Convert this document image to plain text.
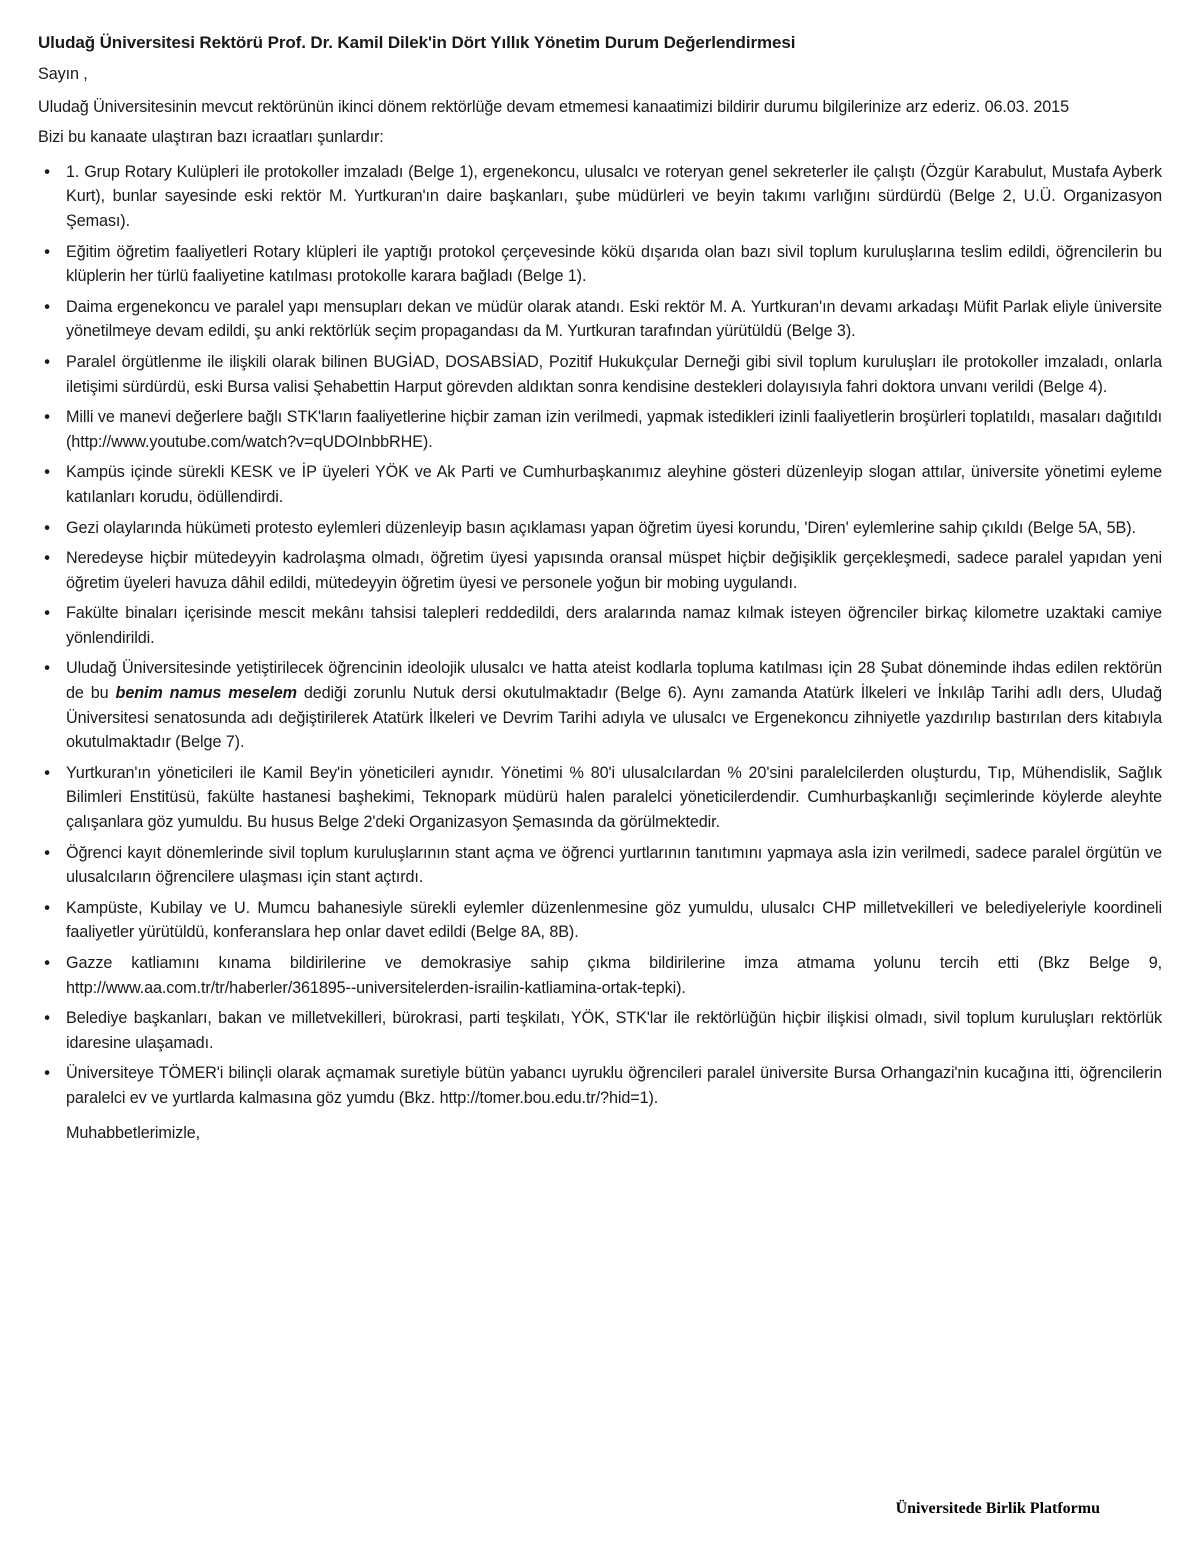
Uludağ Üniversitesi Rektörü Prof. Dr. Kamil Dilek'in Dört Yıllık Yönetim Durum Değerlendirmesi
Sayın ,
Uludağ Üniversitesinin mevcut rektörünün ikinci dönem rektörlüğe devam etmemesi kanaatimizi bildirir durumu bilgilerinize arz ederiz. 06.03. 2015
Bizi bu kanaate ulaştıran bazı icraatları şunlardır:
•	1. Grup Rotary Kulüpleri ile protokoller imzaladı (Belge 1), ergenekoncu, ulusalcı ve roteryan genel sekreterler ile çalıştı (Özgür Karabulut, Mustafa Ayberk Kurt), bunlar sayesinde eski rektör M. Yurtkuran'ın daire başkanları, şube müdürleri ve beyin takımı varlığını sürdürdü (Belge 2, U.Ü. Organizasyon Şeması).
•	Eğitim öğretim faaliyetleri Rotary klüpleri ile yaptığı protokol çerçevesinde kökü dışarıda olan bazı sivil toplum kuruluşlarına teslim edildi, öğrencilerin bu klüplerin her türlü faaliyetine katılması protokolle karara bağladı (Belge 1).
•	Daima ergenekoncu ve paralel yapı mensupları dekan ve müdür olarak atandı. Eski rektör M. A. Yurtkuran'ın devamı arkadaşı Müfit Parlak eliyle üniversite yönetilmeye devam edildi, şu anki rektörlük seçim propagandası da M. Yurtkuran tarafından yürütüldü (Belge 3).
•	Paralel örgütlenme ile ilişkili olarak bilinen BUGİAD, DOSABSİAD, Pozitif Hukukçular Derneği gibi sivil toplum kuruluşları ile protokoller imzaladı, onlarla iletişimi sürdürdü, eski Bursa valisi Şehabettin Harput görevden aldıktan sonra kendisine destekleri dolayısıyla fahri doktora unvanı verildi (Belge 4).
•	Milli ve manevi değerlere bağlı STK'ların faaliyetlerine hiçbir zaman izin verilmedi, yapmak istedikleri izinli faaliyetlerin broşürleri toplatıldı, masaları dağıtıldı (http://www.youtube.com/watch?v=qUDOInbbRHE).
•	Kampüs içinde sürekli KESK ve İP üyeleri YÖK ve Ak Parti ve Cumhurbaşkanımız aleyhine gösteri düzenleyip slogan attılar, üniversite yönetimi eyleme katılanları korudu, ödüllendirdi.
•	Gezi olaylarında hükümeti protesto eylemleri düzenleyip basın açıklaması yapan öğretim üyesi korundu, 'Diren' eylemlerine sahip çıkıldı (Belge 5A, 5B).
•	Neredeyse hiçbir mütedeyyin kadrolaşma olmadı, öğretim üyesi yapısında oransal müspet hiçbir değişiklik gerçekleşmedi, sadece paralel yapıdan yeni öğretim üyeleri havuza dâhil edildi, mütedeyyin öğretim üyesi ve personele yoğun bir mobing uygulandı.
•	Fakülte binaları içerisinde mescit mekânı tahsisi talepleri reddedildi, ders aralarında namaz kılmak isteyen öğrenciler birkaç kilometre uzaktaki camiye yönlendirildi.
•	Uludağ Üniversitesinde yetiştirilecek öğrencinin ideolojik ulusalcı ve hatta ateist kodlarla topluma katılması için 28 Şubat döneminde ihdas edilen rektörün de bu benim namus meselem dediği zorunlu Nutuk dersi okutulmaktadır (Belge 6). Aynı zamanda Atatürk İlkeleri ve İnkılâp Tarihi adlı ders, Uludağ Üniversitesi senatosunda adı değiştirilerek Atatürk İlkeleri ve Devrim Tarihi adıyla ve ulusalcı ve Ergenekoncu zihniyetle yazdırılıp bastırılan ders kitabıyla okutulmaktadır (Belge 7).
•	Yurtkuran'ın yöneticileri ile Kamil Bey'in yöneticileri aynıdır. Yönetimi % 80'i ulusalcılardan % 20'sini paralelcilerden oluşturdu, Tıp, Mühendislik, Sağlık Bilimleri Enstitüsü, fakülte hastanesi başhekimi, Teknopark müdürü halen paralelci yöneticilerdendir. Cumhurbaşkanlığı seçimlerinde köylerde aleyhte çalışanlara göz yumuldu. Bu husus Belge 2'deki Organizasyon Şemasında da görülmektedir.
•	Öğrenci kayıt dönemlerinde sivil toplum kuruluşlarının stant açma ve öğrenci yurtlarının tanıtımını yapmaya asla izin verilmedi, sadece paralel örgütün ve ulusalcıların öğrencilere ulaşması için stant açtırdı.
•	Kampüste, Kubilay ve U. Mumcu bahanesiyle sürekli eylemler düzenlenmesine göz yumuldu, ulusalcı CHP milletvekilleri ve belediyeleriyle koordineli faaliyetler yürütüldü, konferanslara hep onlar davet edildi (Belge 8A, 8B).
•	Gazze katliamını kınama bildirilerine ve demokrasiye sahip çıkma bildirilerine imza atmama yolunu tercih etti (Bkz Belge 9, http://www.aa.com.tr/tr/haberler/361895--universitelerden-israilin-katliamina-ortak-tepki).
•	Belediye başkanları, bakan ve milletvekilleri, bürokrasi, parti teşkilatı, YÖK, STK'lar ile rektörlüğün hiçbir ilişkisi olmadı, sivil toplum kuruluşları rektörlük idaresine ulaşamadı.
•	Üniversiteye TÖMER'i bilinçli olarak açmamak suretiyle bütün yabancı uyruklu öğrencileri paralel üniversite Bursa Orhangazi'nin kucağına itti, öğrencilerin paralelci ev ve yurtlarda kalmasına göz yumdu (Bkz. http://tomer.bou.edu.tr/?hid=1).
Muhabbetlerimizle,
Üniversitede Birlik Platformu
